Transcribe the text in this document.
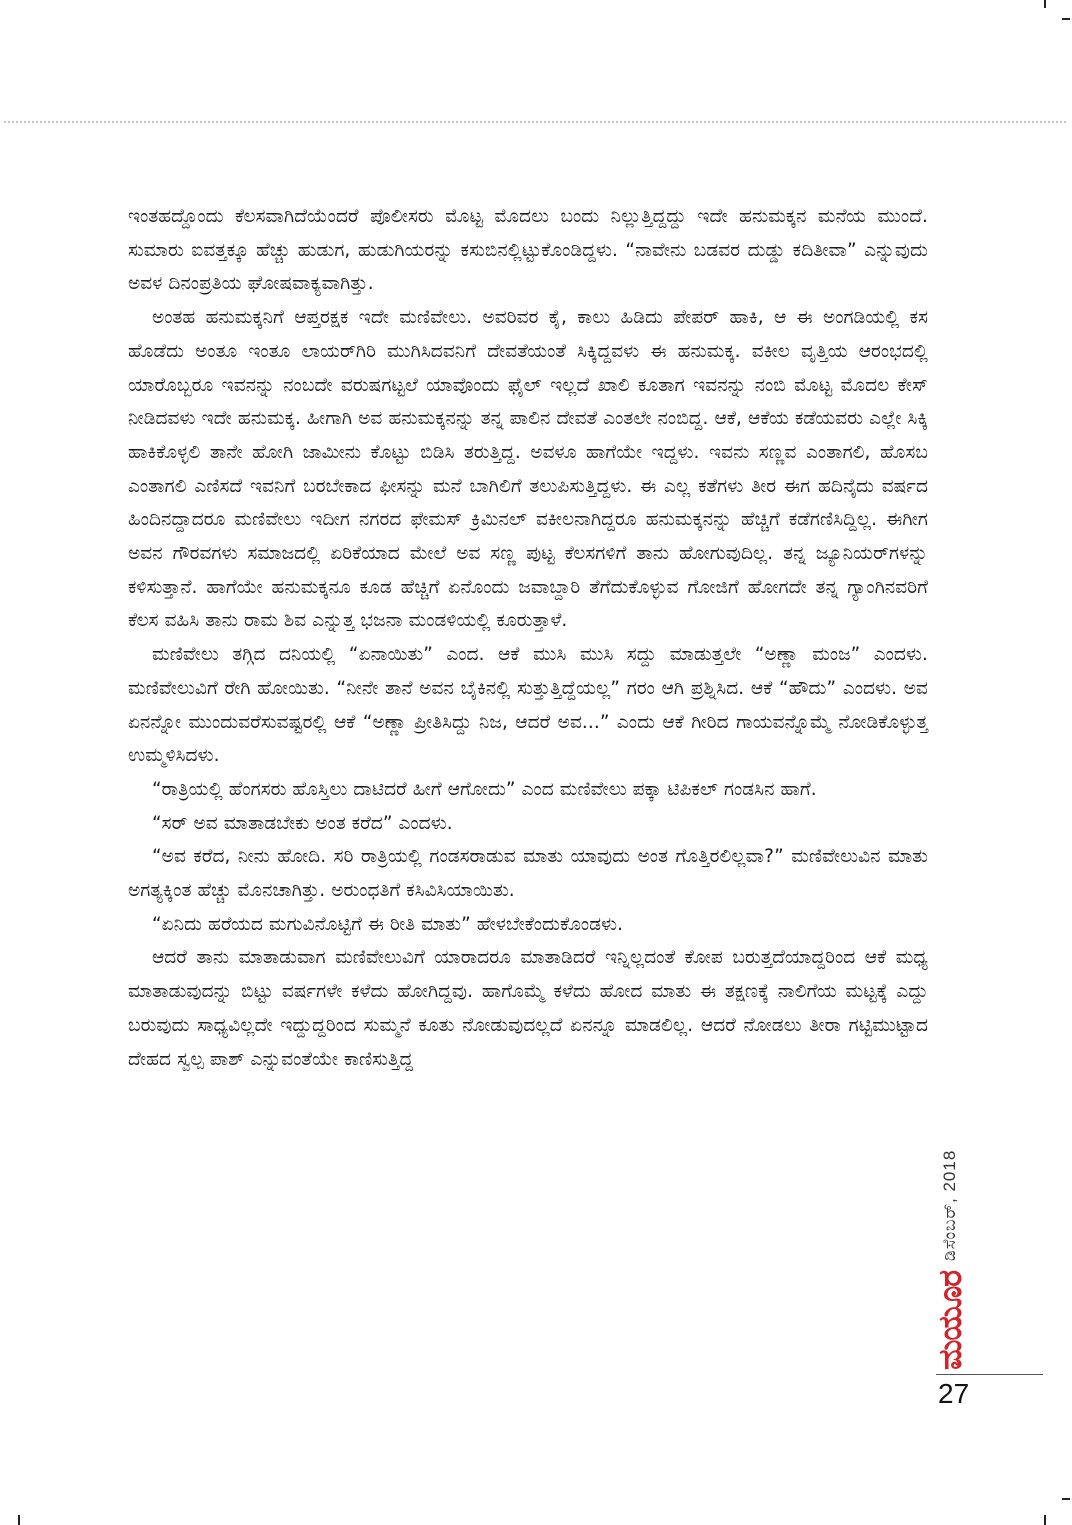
ಇಂತಹದ್ದೊಂದು ಕೆಲಸವಾಗಿದೆಯೆಂದರೆ ಪೊಲೀಸರು ಮೊಟ್ಟ ಮೊದಲು ಬಂದು ನಿಲ್ಲುತ್ತಿದ್ದದ್ದು ಇದೇ ಹನುಮಕ್ಕನ ಮನೆಯ ಮುಂದೆ. ಸುಮಾರು ಐವತ್ತಕ್ಕೂ ಹೆಚ್ಚು ಹುಡುಗ, ಹುಡುಗಿಯರನ್ನು ಕಸುಬಿನಲ್ಲಿಟ್ಟುಕೊಂಡಿದ್ದಳು. “ನಾವೇನು ಬಡವರ ದುಡ್ಡು ಕದಿತೀವಾ” ಎನ್ನುವುದು ಅವಳ ದಿನಂಪ್ರತಿಯ ಘೋಷವಾಕ್ಯವಾಗಿತ್ತು.

ಅಂತಹ ಹನುಮಕ್ಕನಿಗೆ ಆಪ್ತರಕ್ಷಕ ಇದೇ ಮಣಿವೇಲು. ಅವರಿವರ ಕೈ, ಕಾಲು ಹಿಡಿದು ಪೇಪರ್ ಹಾಕಿ, ಆ ಈ ಅಂಗಡಿಯಲ್ಲಿ ಕಸ ಹೊಡೆದು ಅಂತೂ ಇಂತೂ ಲಾಯರ್‌ಗಿರಿ ಮುಗಿಸಿದವನಿಗೆ ದೇವತೆಯಂತೆ ಸಿಕ್ಕಿದ್ದವಳು ಈ ಹನುಮಕ್ಕ. ವಕೀಲ ವೃತ್ತಿಯ ಆರಂಭದಲ್ಲಿ ಯಾರೊಬ್ಬರೂ ಇವನನ್ನು ನಂಬದೇ ವರುಷಗಟ್ಟಲೆ ಯಾವೊಂದು ಫೈಲ್ ಇಲ್ಲದೆ ಖಾಲಿ ಕೂತಾಗ ಇವನನ್ನು ನಂಬಿ ಮೊಟ್ಟ ಮೊದಲ ಕೇಸ್ ನೀಡಿದವಳು ಇದೇ ಹನುಮಕ್ಕ. ಹೀಗಾಗಿ ಅವ ಹನುಮಕ್ಕನನ್ನು ತನ್ನ ಪಾಲಿನ ದೇವತೆ ಎಂತಲೇ ನಂಬಿದ್ದ. ಆಕೆ, ಆಕೆಯ ಕಡೆಯವರು ಎಲ್ಲೇ ಸಿಕ್ಕಿ ಹಾಕಿಕೊಳ್ಳಲಿ ತಾನೇ ಹೋಗಿ ಜಾಮೀನು ಕೊಟ್ಟು ಬಿಡಿಸಿ ತರುತ್ತಿದ್ದ. ಅವಳೂ ಹಾಗೆಯೇ ಇದ್ದಳು. ಇವನು ಸಣ್ಣವ ಎಂತಾಗಲಿ, ಹೊಸಬ ಎಂತಾಗಲಿ ಎಣಿಸದೆ ಇವನಿಗೆ ಬರಬೇಕಾದ ಫೀಸನ್ನು ಮನೆ ಬಾಗಿಲಿಗೆ ತಲುಪಿಸುತ್ತಿದ್ದಳು. ಈ ಎಲ್ಲ ಕತೆಗಳು ತೀರ ಈಗ ಹದಿನೈದು ವರ್ಷದ ಹಿಂದಿನದ್ದಾದರೂ ಮಣಿವೇಲು ಇದೀಗ ನಗರದ ಫೇಮಸ್ ಕ್ರಿಮಿನಲ್ ವಕೀಲನಾಗಿದ್ದರೂ ಹನುಮಕ್ಕನನ್ನು ಹೆಚ್ಚಿಗೆ ಕಡೆಗಣಿಸಿದ್ದಿಲ್ಲ. ಈಗೀಗ ಅವನ ಗೌರವಗಳು ಸಮಾಜದಲ್ಲಿ ಏರಿಕೆಯಾದ ಮೇಲೆ ಅವ ಸಣ್ಣ ಪುಟ್ಟ ಕೆಲಸಗಳಿಗೆ ತಾನು ಹೋಗುವುದಿಲ್ಲ. ತನ್ನ ಜ್ಯೂನಿಯರ್‌ಗಳನ್ನು ಕಳಿಸುತ್ತಾನೆ. ಹಾಗೆಯೇ ಹನುಮಕ್ಕನೂ ಕೂಡ ಹೆಚ್ಚಿಗೆ ಏನೊಂದು ಜವಾಬ್ದಾರಿ ತೆಗೆದುಕೊಳ್ಳುವ ಗೋಜಿಗೆ ಹೋಗದೇ ತನ್ನ ಗ್ಯಾಂಗಿನವರಿಗೆ ಕೆಲಸ ವಹಿಸಿ ತಾನು ರಾಮ ಶಿವ ಎನ್ನುತ್ತ ಭಜನಾ ಮಂಡಳಿಯಲ್ಲಿ ಕೂರುತ್ತಾಳೆ.

ಮಣಿವೇಲು ತಗ್ಗಿದ ದನಿಯಲ್ಲಿ “ಏನಾಯಿತು” ಎಂದ. ಆಕೆ ಮುಸಿ ಮುಸಿ ಸದ್ದು ಮಾಡುತ್ತಲೇ “ಅಣ್ಣಾ ಮಂಜ” ಎಂದಳು. ಮಣಿವೇಲುವಿಗೆ ರೇಗಿ ಹೋಯಿತು. “ನೀನೇ ತಾನೆ ಅವನ ಬೈಕಿನಲ್ಲಿ ಸುತ್ತುತ್ತಿದ್ದೆಯಲ್ಲ” ಗರಂ ಆಗಿ ಪ್ರಶ್ನಿಸಿದ. ಆಕೆ “ಹೌದು” ಎಂದಳು. ಅವ ಏನನ್ನೋ ಮುಂದುವರೆಸುವಷ್ಟರಲ್ಲಿ ಆಕೆ “ಅಣ್ಣಾ ಪ್ರೀತಿಸಿದ್ದು ನಿಜ, ಆದರೆ ಅವ...” ಎಂದು ಆಕೆ ಗೀರಿದ ಗಾಯವನ್ನೊಮ್ಮೆ ನೋಡಿಕೊಳ್ಳುತ್ತ ಉಮ್ಮಳಿಸಿದಳು.

“ರಾತ್ರಿಯಲ್ಲಿ ಹೆಂಗಸರು ಹೊಸ್ತಿಲು ದಾಟಿದರೆ ಹೀಗೆ ಆಗೋದು” ಎಂದ ಮಣಿವೇಲು ಪಕ್ಕಾ ಟಿಪಿಕಲ್ ಗಂಡಸಿನ ಹಾಗೆ.

“ಸರ್ ಅವ ಮಾತಾಡಬೇಕು ಅಂತ ಕರೆದ” ಎಂದಳು.

“ಅವ ಕರೆದ, ನೀನು ಹೋದಿ. ಸರಿ ರಾತ್ರಿಯಲ್ಲಿ ಗಂಡಸರಾಡುವ ಮಾತು ಯಾವುದು ಅಂತ ಗೊತ್ತಿರಲಿಲ್ಲವಾ?” ಮಣಿವೇಲುವಿನ ಮಾತು ಅಗತ್ಯಕ್ಕಿಂತ ಹೆಚ್ಚು ಮೊನಚಾಗಿತ್ತು. ಅರುಂಧತಿಗೆ ಕಸಿವಿಸಿಯಾಯಿತು.

“ಏನಿದು ಹರೆಯದ ಮಗುವಿನೊಟ್ಟಿಗೆ ಈ ರೀತಿ ಮಾತು” ಹೇಳಬೇಕೆಂದುಕೊಂಡಳು.

ಆದರೆ ತಾನು ಮಾತಾಡುವಾಗ ಮಣಿವೇಲುವಿಗೆ ಯಾರಾದರೂ ಮಾತಾಡಿದರೆ ಇನ್ನಿಲ್ಲದಂತೆ ಕೋಪ ಬರುತ್ತದೆಯಾದ್ದರಿಂದ ಆಕೆ ಮಧ್ಯ ಮಾತಾಡುವುದನ್ನು ಬಿಟ್ಟು ವರ್ಷಗಳೇ ಕಳೆದು ಹೋಗಿದ್ದವು. ಹಾಗೊಮ್ಮೆ ಕಳೆದು ಹೋದ ಮಾತು ಈ ತಕ್ಷಣಕ್ಕೆ ನಾಲಿಗೆಯ ಮಟ್ಟಕ್ಕೆ ಎದ್ದು ಬರುವುದು ಸಾಧ್ಯವಿಲ್ಲದೇ ಇದ್ದುದ್ದರಿಂದ ಸುಮ್ಮನೆ ಕೂತು ನೋಡುವುದಲ್ಲದೆ ಏನನ್ನೂ ಮಾಡಲಿಲ್ಲ. ಆದರೆ ನೋಡಲು ತೀರಾ ಗಟ್ಟಿಮುಟ್ಟಾದ ದೇಹದ ಸ್ವಲ್ಪ ಪಾಶ್ ಎನ್ನುವಂತೆಯೇ ಕಾಣಿಸುತ್ತಿದ್ದ

ಮಯೂರ
ಡಿಸೆಂಬರ್, 2018
27
